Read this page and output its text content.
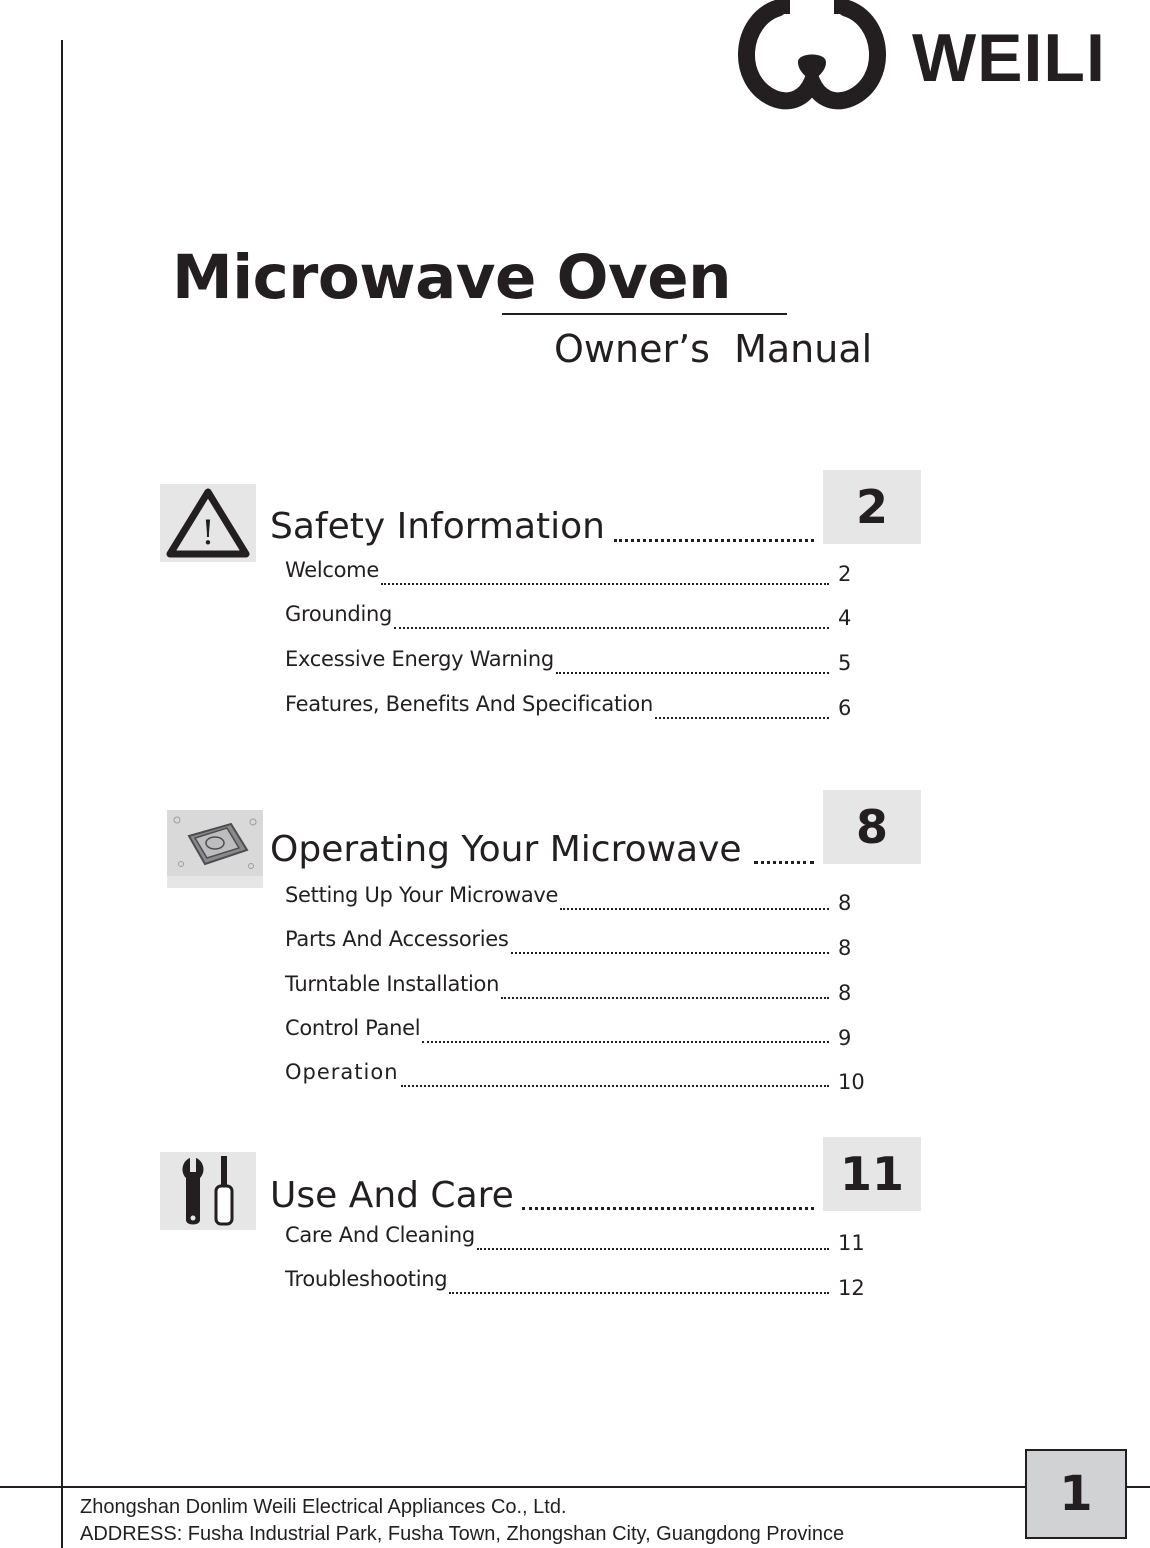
WEILI
Microwave Oven
Owner’s  Manual
! Safety Information	2
Welcome	2
Grounding	4
Excessive Energy Warning	5
Features, Benefits And Specification	6
Operating Your Microwave	8
Setting Up Your Microwave	8
Parts And Accessories	8
Turntable Installation	8
Control Panel	9
Operation	10
Use And Care	11
Care And Cleaning	11
Troubleshooting	12
Zhongshan Donlim Weili Electrical Appliances Co., Ltd.
ADDRESS: Fusha Industrial Park, Fusha Town, Zhongshan City, Guangdong Province
1
